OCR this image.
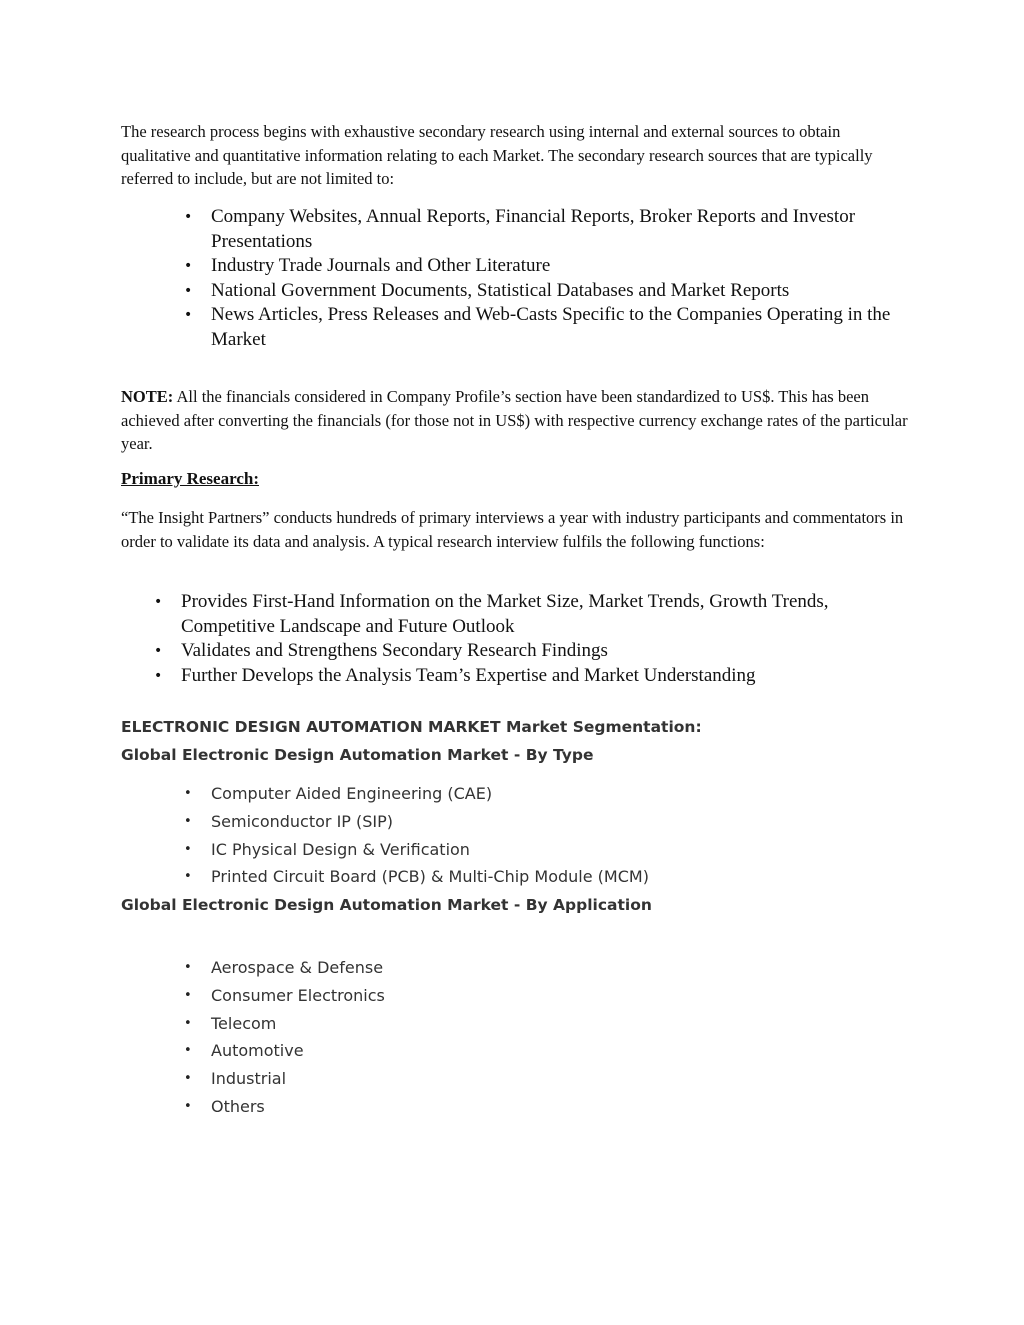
The research process begins with exhaustive secondary research using internal and external sources to obtain qualitative and quantitative information relating to each Market. The secondary research sources that are typically referred to include, but are not limited to:

• Company Websites, Annual Reports, Financial Reports, Broker Reports and Investor Presentations
• Industry Trade Journals and Other Literature
• National Government Documents, Statistical Databases and Market Reports
• News Articles, Press Releases and Web-Casts Specific to the Companies Operating in the Market

NOTE: All the financials considered in Company Profile’s section have been standardized to US$. This has been achieved after converting the financials (for those not in US$) with respective currency exchange rates of the particular year.

Primary Research:

“The Insight Partners” conducts hundreds of primary interviews a year with industry participants and commentators in order to validate its data and analysis. A typical research interview fulfils the following functions:

• Provides First-Hand Information on the Market Size, Market Trends, Growth Trends, Competitive Landscape and Future Outlook
• Validates and Strengthens Secondary Research Findings
• Further Develops the Analysis Team’s Expertise and Market Understanding

ELECTRONIC DESIGN AUTOMATION MARKET Market Segmentation:

Global Electronic Design Automation Market - By Type

• Computer Aided Engineering (CAE)
• Semiconductor IP (SIP)
• IC Physical Design & Verification
• Printed Circuit Board (PCB) & Multi-Chip Module (MCM)

Global Electronic Design Automation Market - By Application

• Aerospace & Defense
• Consumer Electronics
• Telecom
• Automotive
• Industrial
• Others
